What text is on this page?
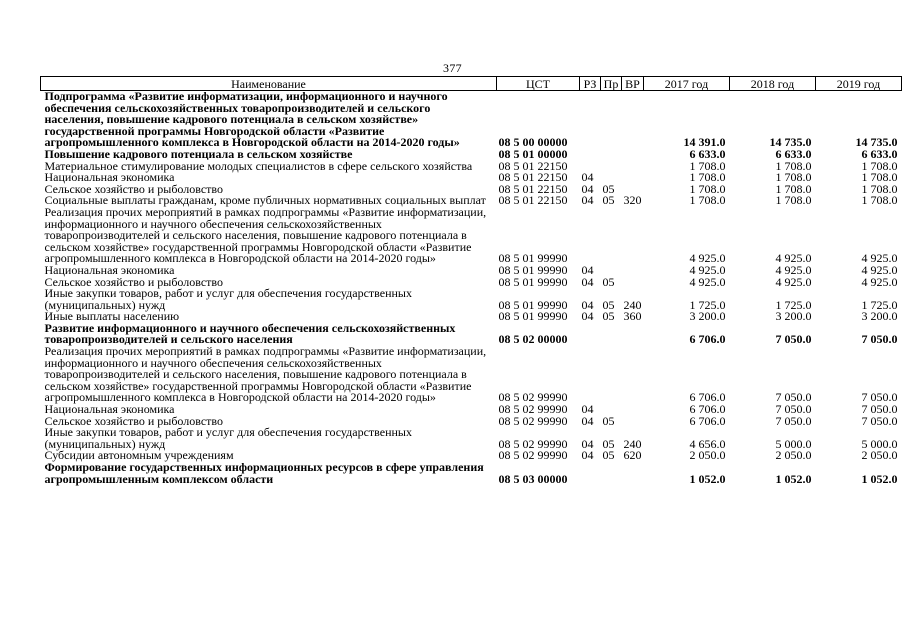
377
Наименование	ЦСТ	РЗ	Пр	ВР	2017 год	2018 год	2019 год
Подпрограмма «Развитие информатизации, информационного и научного обеспечения сельскохозяйственных товаропроизводителей и сельского населения, повышение кадрового потенциала в сельском хозяйстве» государственной программы Новгородской области «Развитие агропромышленного комплекса в Новгородской области на 2014-2020 годы»	08 5 00 00000				14 391.0	14 735.0	14 735.0
Повышение кадрового потенциала в сельском хозяйстве	08 5 01 00000				6 633.0	6 633.0	6 633.0
Материальное стимулирование молодых специалистов в сфере сельского хозяйства	08 5 01 22150				1 708.0	1 708.0	1 708.0
Национальная экономика	08 5 01 22150	04			1 708.0	1 708.0	1 708.0
Сельское хозяйство и рыболовство	08 5 01 22150	04	05		1 708.0	1 708.0	1 708.0
Социальные выплаты гражданам, кроме публичных нормативных социальных выплат	08 5 01 22150	04	05	320	1 708.0	1 708.0	1 708.0
Реализация прочих мероприятий в рамках подпрограммы «Развитие информатизации, информационного и научного обеспечения сельскохозяйственных товаропроизводителей и сельского населения, повышение кадрового потенциала в сельском хозяйстве» государственной программы Новгородской области «Развитие агропромышленного комплекса в Новгородской области на 2014-2020 годы»	08 5 01 99990				4 925.0	4 925.0	4 925.0
Национальная экономика	08 5 01 99990	04			4 925.0	4 925.0	4 925.0
Сельское хозяйство и рыболовство	08 5 01 99990	04	05		4 925.0	4 925.0	4 925.0
Иные закупки товаров, работ и услуг для обеспечения государственных (муниципальных) нужд	08 5 01 99990	04	05	240	1 725.0	1 725.0	1 725.0
Иные выплаты населению	08 5 01 99990	04	05	360	3 200.0	3 200.0	3 200.0
Развитие информационного и научного обеспечения сельскохозяйственных товаропроизводителей и сельского населения	08 5 02 00000				6 706.0	7 050.0	7 050.0
Реализация прочих мероприятий в рамках подпрограммы «Развитие информатизации, информационного и научного обеспечения сельскохозяйственных товаропроизводителей и сельского населения, повышение кадрового потенциала в сельском хозяйстве» государственной программы Новгородской области «Развитие агропромышленного комплекса в Новгородской области на 2014-2020 годы»	08 5 02 99990				6 706.0	7 050.0	7 050.0
Национальная экономика	08 5 02 99990	04			6 706.0	7 050.0	7 050.0
Сельское хозяйство и рыболовство	08 5 02 99990	04	05		6 706.0	7 050.0	7 050.0
Иные закупки товаров, работ и услуг для обеспечения государственных (муниципальных) нужд	08 5 02 99990	04	05	240	4 656.0	5 000.0	5 000.0
Субсидии автономным учреждениям	08 5 02 99990	04	05	620	2 050.0	2 050.0	2 050.0
Формирование государственных информационных ресурсов в сфере управления агропромышленным комплексом области	08 5 03 00000				1 052.0	1 052.0	1 052.0
